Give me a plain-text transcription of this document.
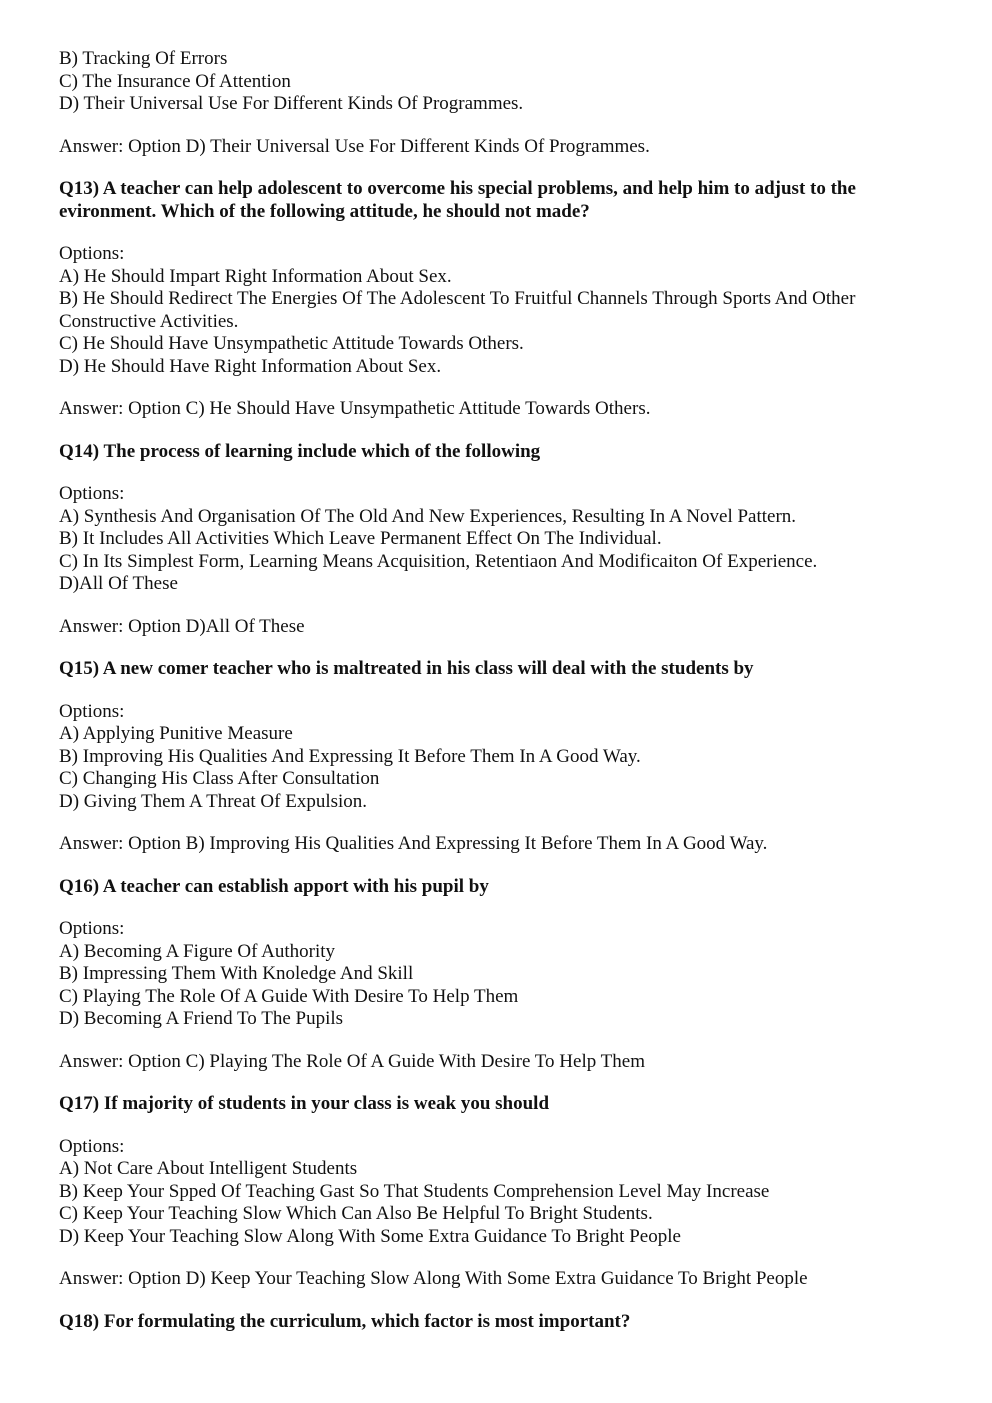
B) Tracking Of Errors
C) The Insurance Of Attention
D) Their Universal Use For Different Kinds Of Programmes.
Answer: Option D) Their Universal Use For Different Kinds Of Programmes.
Q13) A teacher can help adolescent to overcome his special problems, and help him to adjust to the evironment. Which of the following attitude, he should not made?
Options:
A) He Should Impart Right Information About Sex.
B) He Should Redirect The Energies Of The Adolescent To Fruitful Channels Through Sports And Other Constructive Activities.
C) He Should Have Unsympathetic Attitude Towards Others.
D) He Should Have Right Information About Sex.
Answer: Option C) He Should Have Unsympathetic Attitude Towards Others.
Q14) The process of learning include which of the following
Options:
A) Synthesis And Organisation Of The Old And New Experiences, Resulting In A Novel Pattern.
B) It Includes All Activities Which Leave Permanent Effect On The Individual.
C) In Its Simplest Form, Learning Means Acquisition, Retentiaon And Modificaiton Of Experience.
D)All Of These
Answer: Option D)All Of These
Q15) A new comer teacher who is maltreated in his class will deal with the students by
Options:
A) Applying Punitive Measure
B) Improving His Qualities And Expressing It Before Them In A Good Way.
C) Changing His Class After Consultation
D) Giving Them A Threat Of Expulsion.
Answer: Option B) Improving His Qualities And Expressing It Before Them In A Good Way.
Q16) A teacher can establish apport with his pupil by
Options:
A) Becoming A Figure Of Authority
B) Impressing Them With Knoledge And Skill
C) Playing The Role Of A Guide With Desire To Help Them
D) Becoming A Friend To The Pupils
Answer: Option C) Playing The Role Of A Guide With Desire To Help Them
Q17) If majority of students in your class is weak you should
Options:
A) Not Care About Intelligent Students
B) Keep Your Spped Of Teaching Gast So That Students Comprehension Level May Increase
C) Keep Your Teaching Slow Which Can Also Be Helpful To Bright Students.
D) Keep Your Teaching Slow Along With Some Extra Guidance To Bright People
Answer: Option D) Keep Your Teaching Slow Along With Some Extra Guidance To Bright People
Q18) For formulating the curriculum, which factor is most important?
